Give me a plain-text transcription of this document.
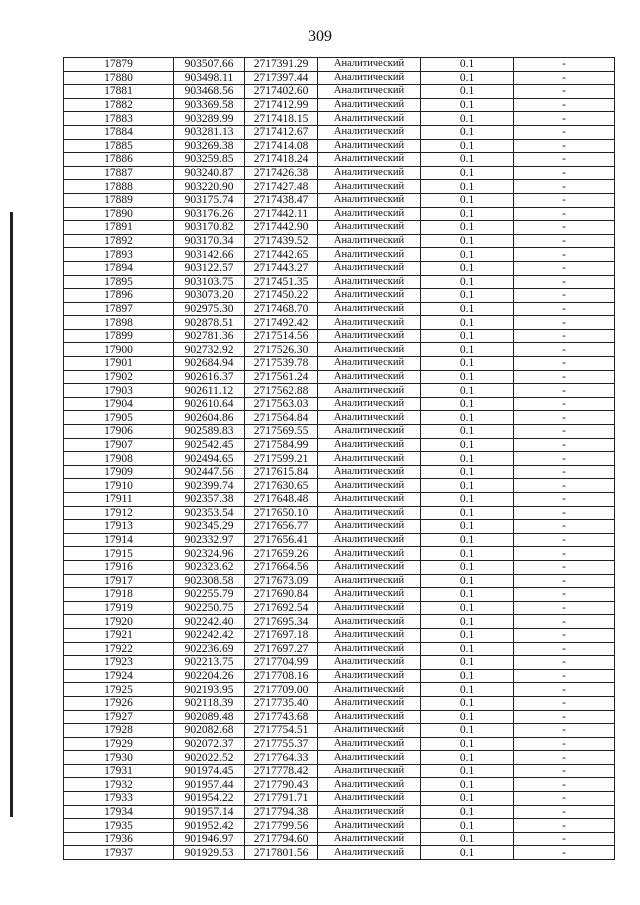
309
17879	903507.66	2717391.29	Аналитический	0.1	-
17880	903498.11	2717397.44	Аналитический	0.1	-
17881	903468.56	2717402.60	Аналитический	0.1	-
17882	903369.58	2717412.99	Аналитический	0.1	-
17883	903289.99	2717418.15	Аналитический	0.1	-
17884	903281.13	2717412.67	Аналитический	0.1	-
17885	903269.38	2717414.08	Аналитический	0.1	-
17886	903259.85	2717418.24	Аналитический	0.1	-
17887	903240.87	2717426.38	Аналитический	0.1	-
17888	903220.90	2717427.48	Аналитический	0.1	-
17889	903175.74	2717438.47	Аналитический	0.1	-
17890	903176.26	2717442.11	Аналитический	0.1	-
17891	903170.82	2717442.90	Аналитический	0.1	-
17892	903170.34	2717439.52	Аналитический	0.1	-
17893	903142.66	2717442.65	Аналитический	0.1	-
17894	903122.57	2717443.27	Аналитический	0.1	-
17895	903103.75	2717451.35	Аналитический	0.1	-
17896	903073.20	2717450.22	Аналитический	0.1	-
17897	902975.30	2717468.70	Аналитический	0.1	-
17898	902878.51	2717492.42	Аналитический	0.1	-
17899	902781.36	2717514.56	Аналитический	0.1	-
17900	902732.92	2717526.30	Аналитический	0.1	-
17901	902684.94	2717539.78	Аналитический	0.1	-
17902	902616.37	2717561.24	Аналитический	0.1	-
17903	902611.12	2717562.88	Аналитический	0.1	-
17904	902610.64	2717563.03	Аналитический	0.1	-
17905	902604.86	2717564.84	Аналитический	0.1	-
17906	902589.83	2717569.55	Аналитический	0.1	-
17907	902542.45	2717584.99	Аналитический	0.1	-
17908	902494.65	2717599.21	Аналитический	0.1	-
17909	902447.56	2717615.84	Аналитический	0.1	-
17910	902399.74	2717630.65	Аналитический	0.1	-
17911	902357.38	2717648.48	Аналитический	0.1	-
17912	902353.54	2717650.10	Аналитический	0.1	-
17913	902345.29	2717656.77	Аналитический	0.1	-
17914	902332.97	2717656.41	Аналитический	0.1	-
17915	902324.96	2717659.26	Аналитический	0.1	-
17916	902323.62	2717664.56	Аналитический	0.1	-
17917	902308.58	2717673.09	Аналитический	0.1	-
17918	902255.79	2717690.84	Аналитический	0.1	-
17919	902250.75	2717692.54	Аналитический	0.1	-
17920	902242.40	2717695.34	Аналитический	0.1	-
17921	902242.42	2717697.18	Аналитический	0.1	-
17922	902236.69	2717697.27	Аналитический	0.1	-
17923	902213.75	2717704.99	Аналитический	0.1	-
17924	902204.26	2717708.16	Аналитический	0.1	-
17925	902193.95	2717709.00	Аналитический	0.1	-
17926	902118.39	2717735.40	Аналитический	0.1	-
17927	902089.48	2717743.68	Аналитический	0.1	-
17928	902082.68	2717754.51	Аналитический	0.1	-
17929	902072.37	2717755.37	Аналитический	0.1	-
17930	902022.52	2717764.33	Аналитический	0.1	-
17931	901974.45	2717778.42	Аналитический	0.1	-
17932	901957.44	2717790.43	Аналитический	0.1	-
17933	901954.22	2717791.71	Аналитический	0.1	-
17934	901957.14	2717794.38	Аналитический	0.1	-
17935	901952.42	2717799.56	Аналитический	0.1	-
17936	901946.97	2717794.60	Аналитический	0.1	-
17937	901929.53	2717801.56	Аналитический	0.1	-
